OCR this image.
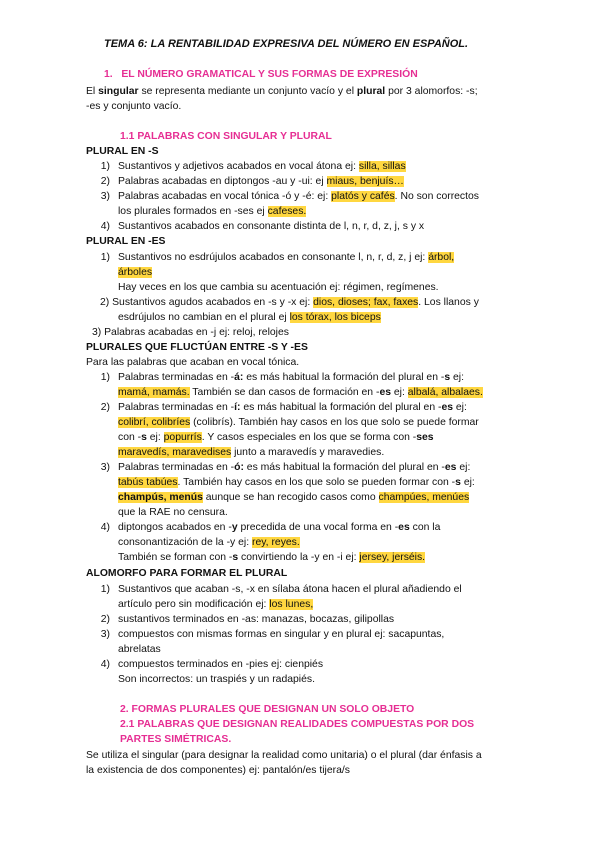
TEMA 6: LA RENTABILIDAD EXPRESIVA DEL NÚMERO EN ESPAÑOL.
1. EL NÚMERO GRAMATICAL Y SUS FORMAS DE EXPRESIÓN
El singular se representa mediante un conjunto vacío y el plural por 3 alomorfos: -s;
-es y conjunto vacío.
1.1 PALABRAS CON SINGULAR Y PLURAL
PLURAL EN -S
1) Sustantivos y adjetivos acabados en vocal átona ej: silla, sillas
2) Palabras acabadas en diptongos -au y -ui: ej miaus, benjuís…
3) Palabras acabadas en vocal tónica -ó y -é: ej: platós y cafés. No son correctos
los plurales formados en -ses ej cafeses.
4) Sustantivos acabados en consonante distinta de l, n, r, d, z, j, s y x
PLURAL EN -ES
1) Sustantivos no esdrújulos acabados en consonante l, n, r, d, z, j ej: árbol,
árboles
Hay veces en los que cambia su acentuación ej: régimen, regímenes.
2) Sustantivos agudos acabados en -s y -x ej: dios, dioses; fax, faxes. Los llanos y
esdrújulos no cambian en el plural ej los tórax, los biceps
3) Palabras acabadas en -j ej: reloj, relojes
PLURALES QUE FLUCTÚAN ENTRE -S Y -ES
Para las palabras que acaban en vocal tónica.
1) Palabras terminadas en -á: es más habitual la formación del plural en -s ej:
mamá, mamás. También se dan casos de formación en -es ej: albalá, albalaes.
2) Palabras terminadas en -í: es más habitual la formación del plural en -es ej:
colibrí, colibríes (colibrís). También hay casos en los que solo se puede formar
con -s ej: popurrís. Y casos especiales en los que se forma con -ses
maravedís, maravedises junto a maravedís y maravedies.
3) Palabras terminadas en -ó: es más habitual la formación del plural en -es ej:
tabús tabúes. También hay casos en los que solo se pueden formar con -s ej:
champús, menús aunque se han recogido casos como champúes, menúes
que la RAE no censura.
4) diptongos acabados en -y precedida de una vocal forma en -es con la
consonantización de la -y ej: rey, reyes.
También se forman con -s convirtiendo la -y en -i ej: jersey, jerséis.
ALOMORFO PARA FORMAR EL PLURAL
1) Sustantivos que acaban -s, -x en sílaba átona hacen el plural añadiendo el
artículo pero sin modificación ej: los lunes,
2) sustantivos terminados en -as: manazas, bocazas, gilipollas
3) compuestos con mismas formas en singular y en plural ej: sacapuntas,
abrelatas
4) compuestos terminados en -pies ej: cienpiés
Son incorrectos: un traspiés y un radapiés.
2. FORMAS PLURALES QUE DESIGNAN UN SOLO OBJETO
2.1 PALABRAS QUE DESIGNAN REALIDADES COMPUESTAS POR DOS
PARTES SIMÉTRICAS.
Se utiliza el singular (para designar la realidad como unitaria) o el plural (dar énfasis a
la existencia de dos componentes) ej: pantalón/es tijera/s
